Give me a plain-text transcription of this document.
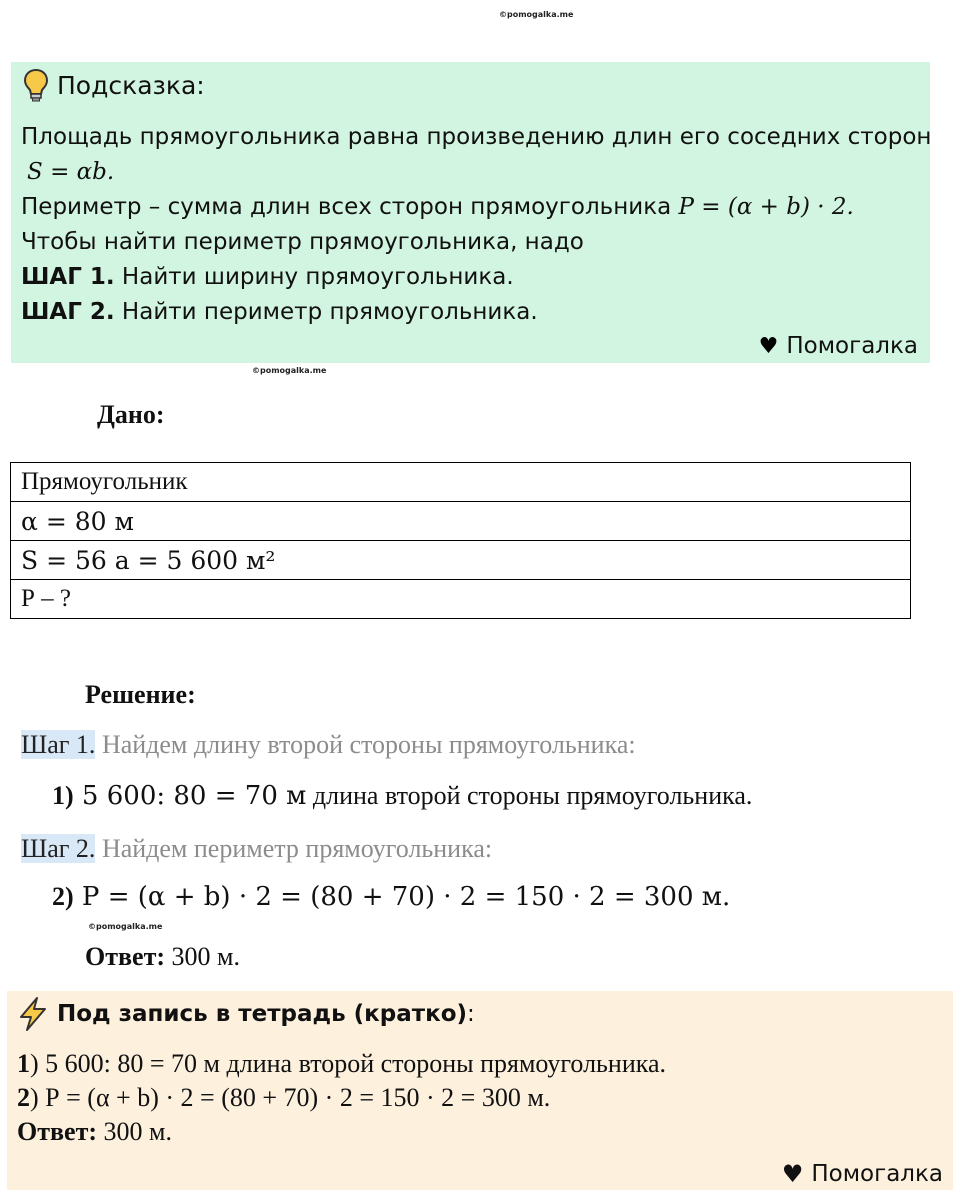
©pomogalka.me
Подсказка:
Площадь прямоугольника равна произведению длин его соседних сторон
S = αb.
Периметр – сумма длин всех сторон прямоугольника P = (α + b) · 2.
Чтобы найти периметр прямоугольника, надо
ШАГ 1. Найти ширину прямоугольника.
ШАГ 2. Найти периметр прямоугольника.
♥ Помогалка
©pomogalka.me
Дано:
Прямоугольник
α = 80 м
S = 56 а = 5 600 м²
Р – ?
Решение:
Шаг 1. Найдем длину второй стороны прямоугольника:
1) 5 600: 80 = 70 м длина второй стороны прямоугольника.
Шаг 2. Найдем периметр прямоугольника:
2) Р = (α + b) · 2 = (80 + 70) · 2 = 150 · 2 = 300 м.
©pomogalka.me
Ответ: 300 м.
Под запись в тетрадь (кратко) :
1) 5 600: 80 = 70 м длина второй стороны прямоугольника.
2) Р = (α + b) · 2 = (80 + 70) · 2 = 150 · 2 = 300 м.
Ответ: 300 м.
♥ Помогалка
